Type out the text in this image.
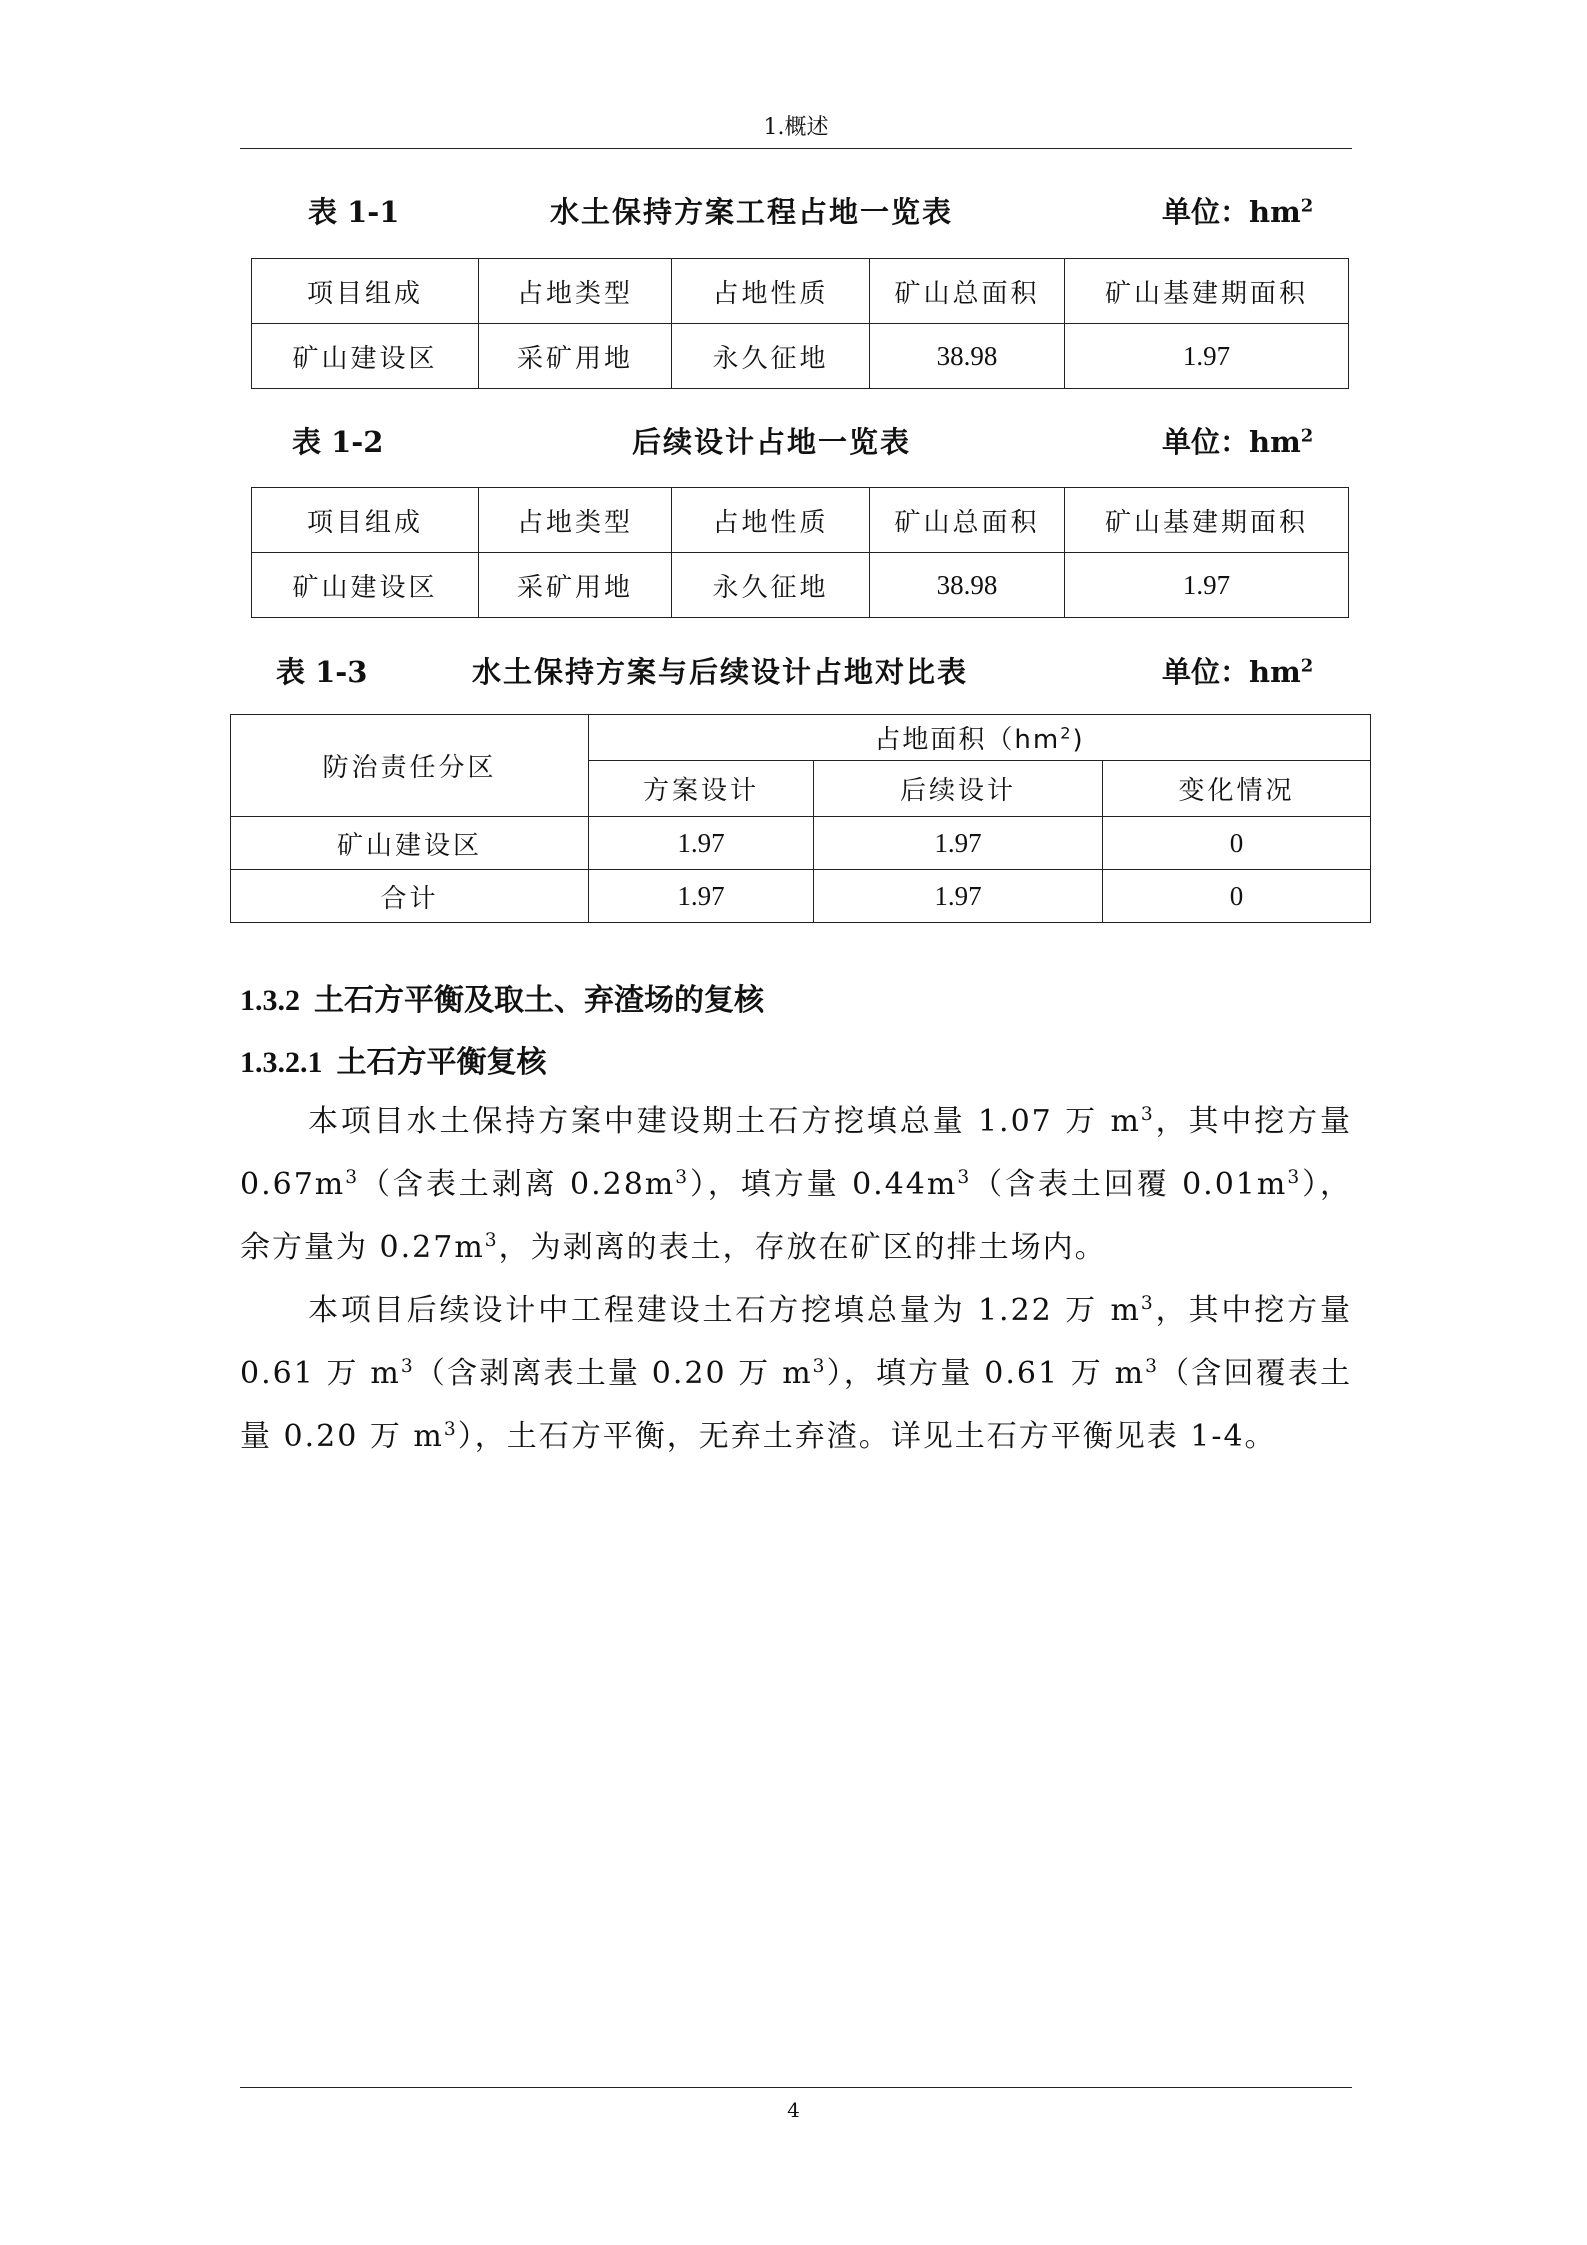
1.概述
表 1-1	水土保持方案工程占地一览表	单位：$hm^2$
项目组成	占地类型	占地性质	矿山总面积	矿山基建期面积
矿山建设区	采矿用地	永久征地	38.98	1.97
表 1-2	后续设计占地一览表	单位：$hm^2$
项目组成	占地类型	占地性质	矿山总面积	矿山基建期面积
矿山建设区	采矿用地	永久征地	38.98	1.97
表 1-3	水土保持方案与后续设计占地对比表	单位：$hm^2$
防治责任分区	占地面积$(hm^2)$		
	方案设计	后续设计	变化情况
矿山建设区	1.97	1.97	0
合计	1.97	1.97	0
1.3.2 土石方平衡及取土、弃渣场的复核
1.3.2.1 土石方平衡复核

本项目水土保持方案中建设期土石方挖填总量 1.07 万 $m^3$，其中挖方量 $0.67m^3$（含表土剥离 $0.28m^3$），填方量 $0.44m^3$（含表土回覆 $0.01m^3$），余方量为 $0.27m^3$，为剥离的表土，存放在矿区的排土场内。

本项目后续设计中工程建设土石方挖填总量为 1.22 万 $m^3$，其中挖方量 0.61 万 $m^3$（含剥离表土量 0.20 万 $m^3$），填方量 0.61 万 $m^3$（含回覆表土量 0.20 万 $m^3$），土石方平衡，无弃土弃渣。详见土石方平衡见表 1-4。

4
